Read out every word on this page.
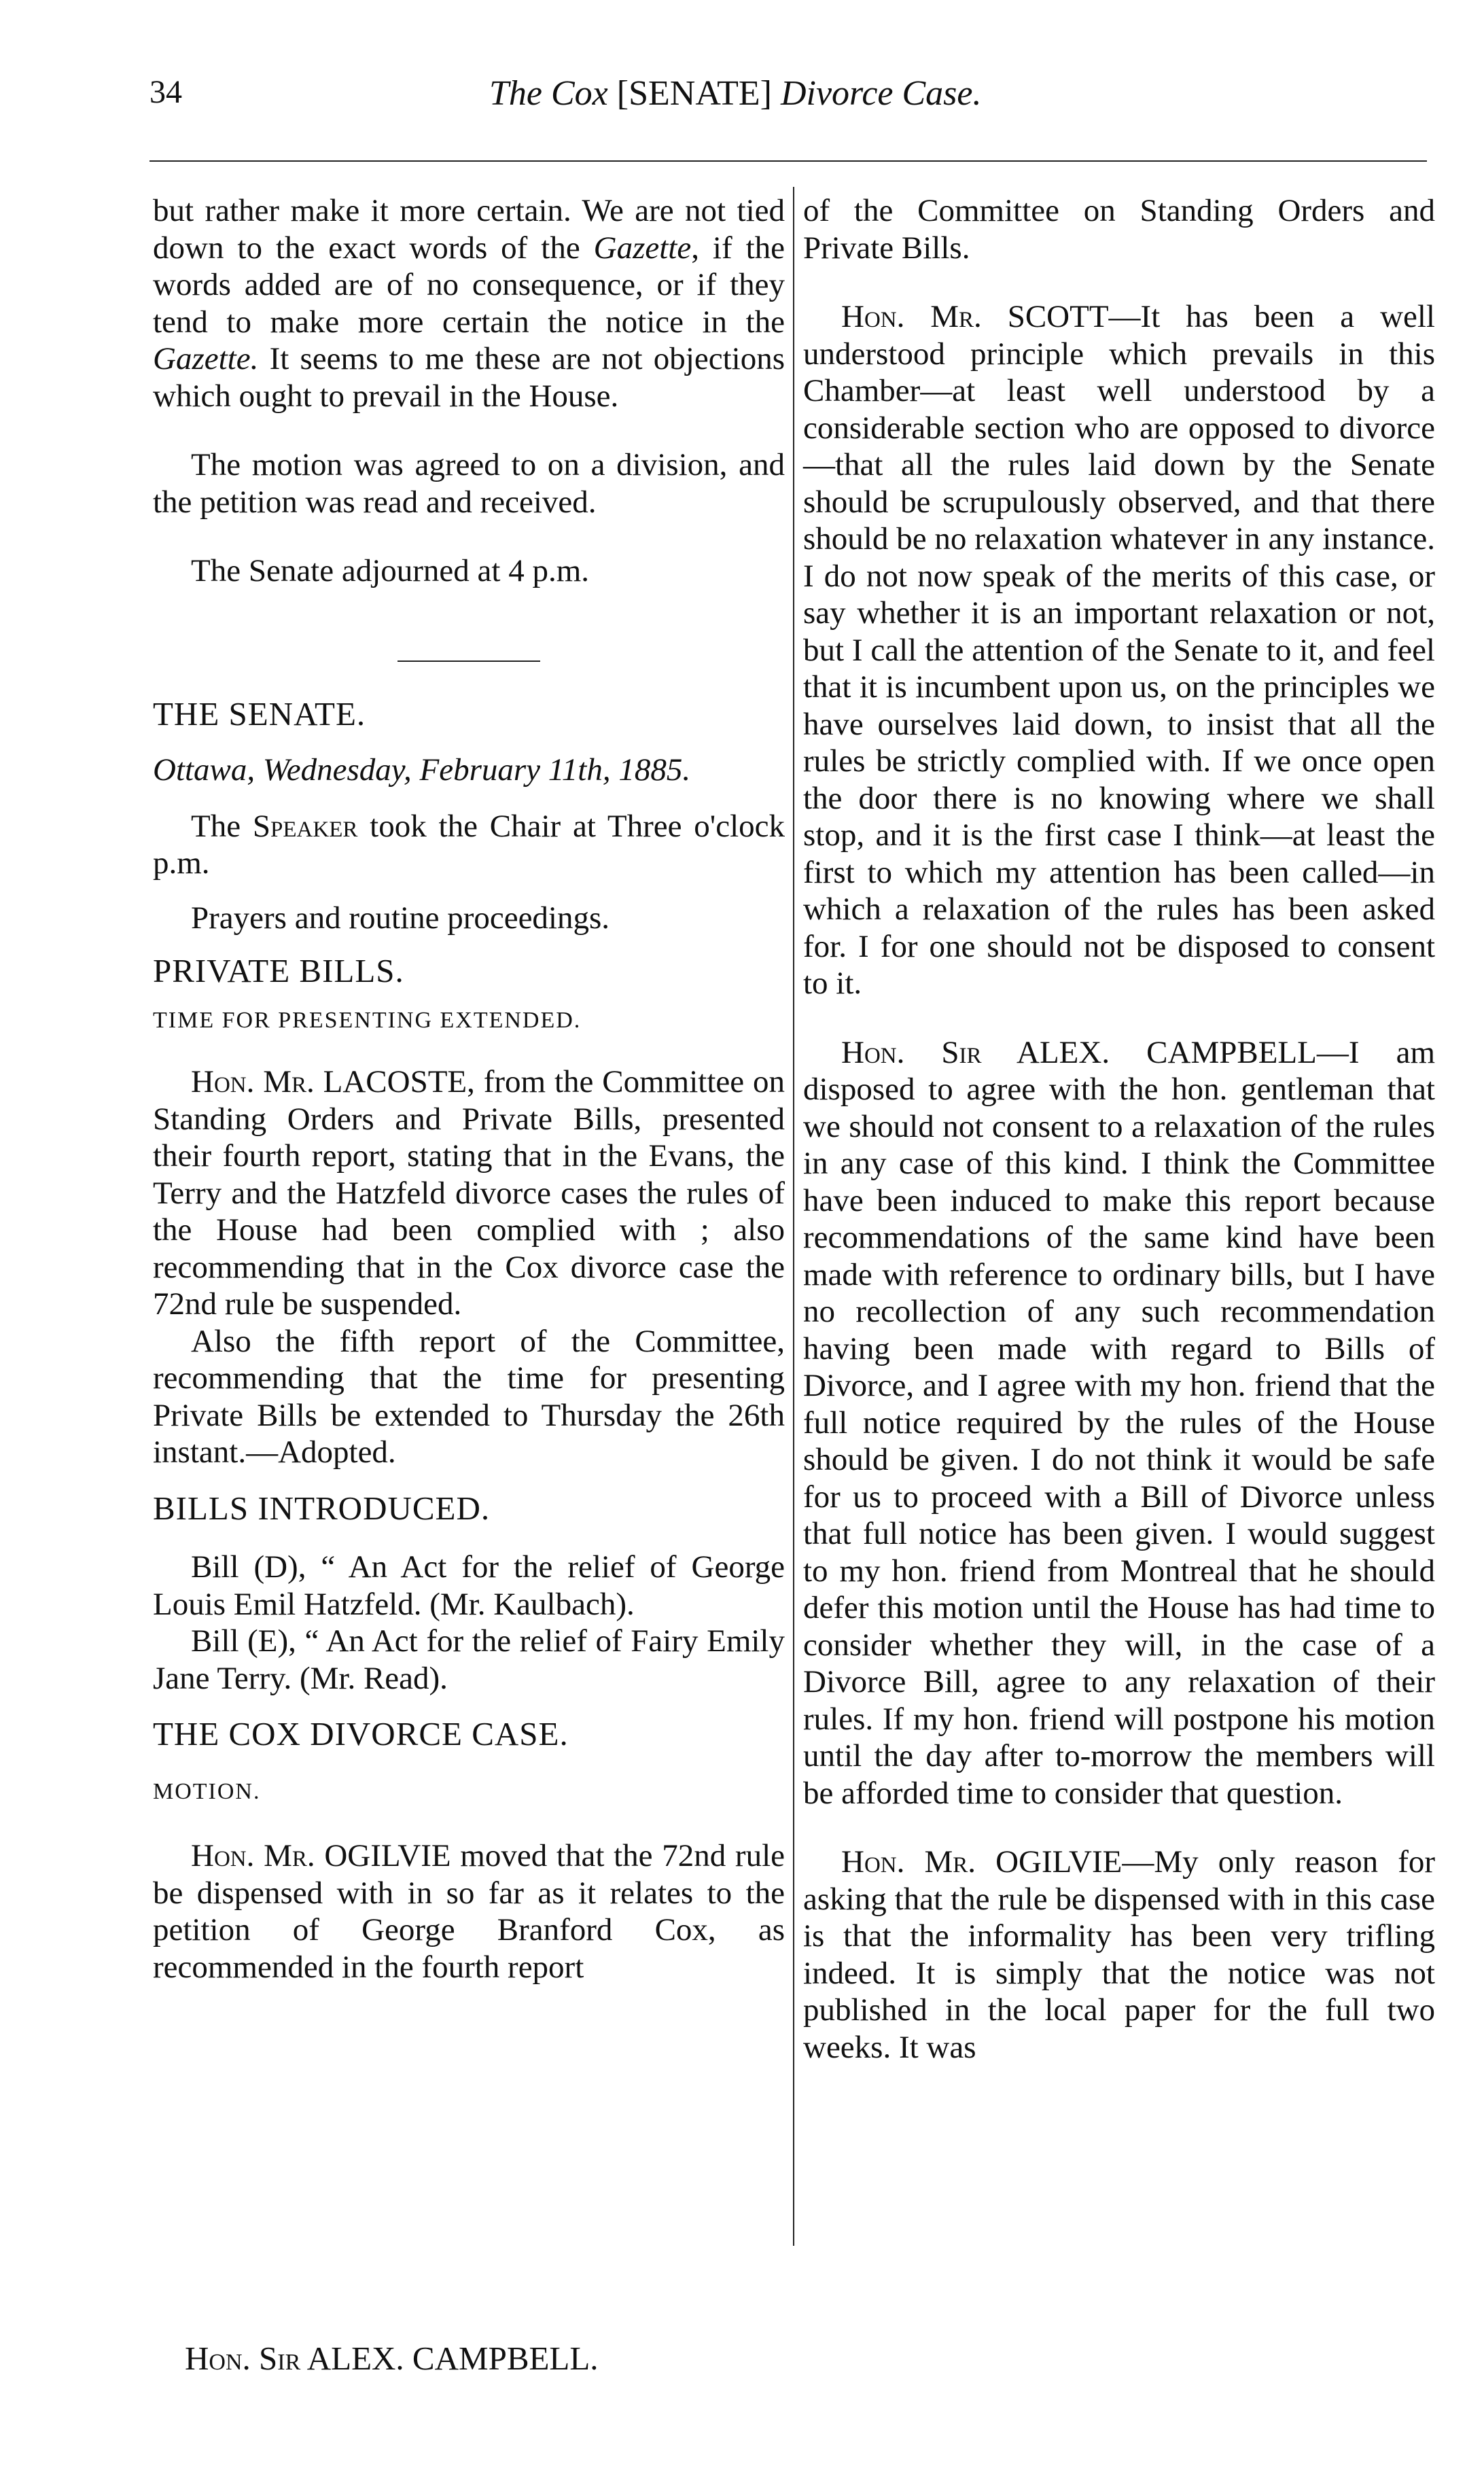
34	The Cox [SENATE] Divorce Case.

but rather make it more certain. We are not tied down to the exact words of the Gazette, if the words added are of no consequence, or if they tend to make more certain the notice in the Gazette. It seems to me these are not objections which ought to prevail in the House.

The motion was agreed to on a division, and the petition was read and received.

The Senate adjourned at 4 p.m.

THE SENATE.

Ottawa, Wednesday, February 11th, 1885.

The Speaker took the Chair at Three o'clock p.m.

Prayers and routine proceedings.

PRIVATE BILLS.

TIME FOR PRESENTING EXTENDED.

Hon. Mr. LACOSTE, from the Committee on Standing Orders and Private Bills, presented their fourth report, stating that in the Evans, the Terry and the Hatzfeld divorce cases the rules of the House had been complied with ; also recommending that in the Cox divorce case the 72nd rule be suspended.

Also the fifth report of the Committee, recommending that the time for presenting Private Bills be extended to Thursday the 26th instant.—Adopted.

BILLS INTRODUCED.

Bill (D), “ An Act for the relief of George Louis Emil Hatzfeld. (Mr. Kaulbach).

Bill (E), “ An Act for the relief of Fairy Emily Jane Terry. (Mr. Read).

THE COX DIVORCE CASE.

MOTION.

Hon. Mr. OGILVIE moved that the 72nd rule be dispensed with in so far as it relates to the petition of George Branford Cox, as recommended in the fourth report

of the Committee on Standing Orders and Private Bills.

Hon. Mr. SCOTT—It has been a well understood principle which prevails in this Chamber—at least well understood by a considerable section who are opposed to divorce—that all the rules laid down by the Senate should be scrupulously observed, and that there should be no relaxation whatever in any instance. I do not now speak of the merits of this case, or say whether it is an important relaxation or not, but I call the attention of the Senate to it, and feel that it is incumbent upon us, on the principles we have ourselves laid down, to insist that all the rules be strictly complied with. If we once open the door there is no knowing where we shall stop, and it is the first case I think—at least the first to which my attention has been called—in which a relaxation of the rules has been asked for. I for one should not be disposed to consent to it.

Hon. Sir ALEX. CAMPBELL—I am disposed to agree with the hon. gentleman that we should not consent to a relaxation of the rules in any case of this kind. I think the Committee have been induced to make this report because recommendations of the same kind have been made with reference to ordinary bills, but I have no recollection of any such recommendation having been made with regard to Bills of Divorce, and I agree with my hon. friend that the full notice required by the rules of the House should be given. I do not think it would be safe for us to proceed with a Bill of Divorce unless that full notice has been given. I would suggest to my hon. friend from Montreal that he should defer this motion until the House has had time to consider whether they will, in the case of a Divorce Bill, agree to any relaxation of their rules. If my hon. friend will postpone his motion until the day after to-morrow the members will be afforded time to consider that question.

Hon. Mr. OGILVIE—My only reason for asking that the rule be dispensed with in this case is that the informality has been very trifling indeed. It is simply that the notice was not published in the local paper for the full two weeks. It was

Hon. Sir ALEX. CAMPBELL.
